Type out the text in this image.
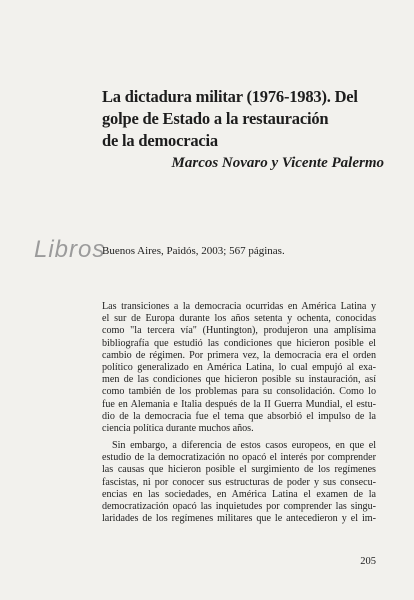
La dictadura militar (1976-1983). Del
golpe de Estado a la restauración
de la democracia
Marcos Novaro y Vicente Palermo
Libros
Buenos Aires, Paidós, 2003; 567 páginas.
Las transiciones a la democracia ocurridas en América Latina y
el sur de Europa durante los años setenta y ochenta, conocidas
como "la tercera vía" (Huntington), produjeron una amplísima
bibliografía que estudió las condiciones que hicieron posible el
cambio de régimen. Por primera vez, la democracia era el orden
político generalizado en América Latina, lo cual empujó al exa-
men de las condiciones que hicieron posible su instauración, así
como también de los problemas para su consolidación. Como lo
fue en Alemania e Italia después de la II Guerra Mundial, el estu-
dio de la democracia fue el tema que absorbió el impulso de la
ciencia política durante muchos años.
Sin embargo, a diferencia de estos casos europeos, en que el
estudio de la democratización no opacó el interés por comprender
las causas que hicieron posible el surgimiento de los regímenes
fascistas, ni por conocer sus estructuras de poder y sus consecu-
encias en las sociedades, en América Latina el examen de la
democratización opacó las inquietudes por comprender las singu-
laridades de los regímenes militares que le antecedieron y el im-
205
